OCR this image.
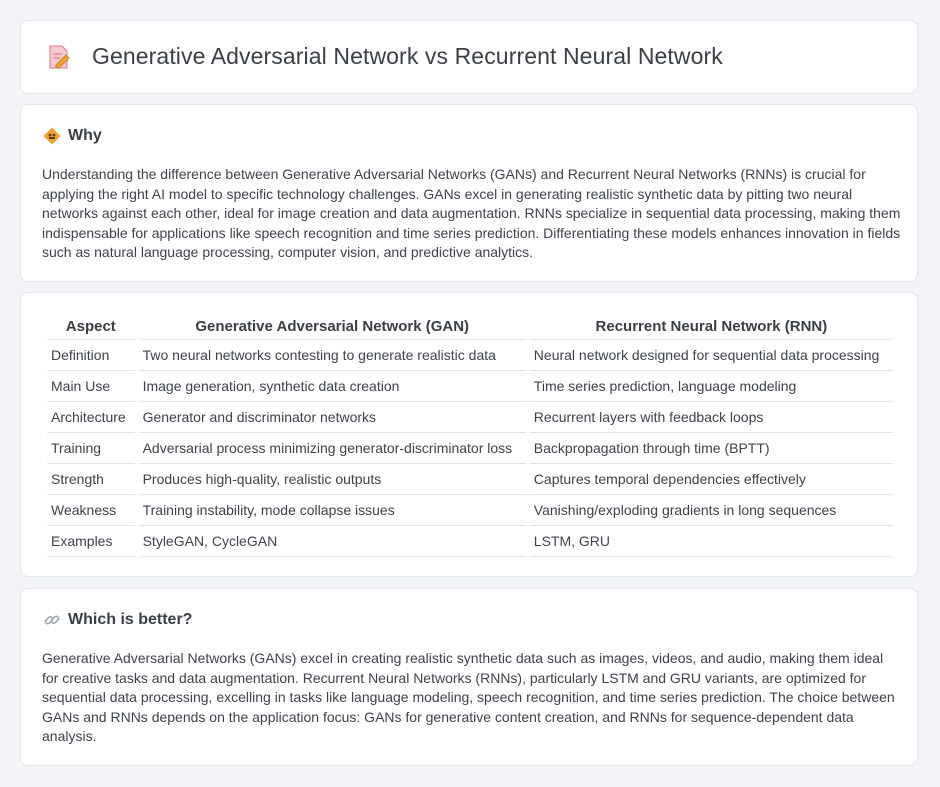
Generative Adversarial Network vs Recurrent Neural Network
Why

Understanding the difference between Generative Adversarial Networks (GANs) and Recurrent Neural Networks (RNNs) is crucial for applying the right AI model to specific technology challenges. GANs excel in generating realistic synthetic data by pitting two neural networks against each other, ideal for image creation and data augmentation. RNNs specialize in sequential data processing, making them indispensable for applications like speech recognition and time series prediction. Differentiating these models enhances innovation in fields such as natural language processing, computer vision, and predictive analytics.

Aspect	Generative Adversarial Network (GAN)	Recurrent Neural Network (RNN)
Definition	Two neural networks contesting to generate realistic data	Neural network designed for sequential data processing
Main Use	Image generation, synthetic data creation	Time series prediction, language modeling
Architecture	Generator and discriminator networks	Recurrent layers with feedback loops
Training	Adversarial process minimizing generator-discriminator loss	Backpropagation through time (BPTT)
Strength	Produces high-quality, realistic outputs	Captures temporal dependencies effectively
Weakness	Training instability, mode collapse issues	Vanishing/exploding gradients in long sequences
Examples	StyleGAN, CycleGAN	LSTM, GRU
Which is better?

Generative Adversarial Networks (GANs) excel in creating realistic synthetic data such as images, videos, and audio, making them ideal for creative tasks and data augmentation. Recurrent Neural Networks (RNNs), particularly LSTM and GRU variants, are optimized for sequential data processing, excelling in tasks like language modeling, speech recognition, and time series prediction. The choice between GANs and RNNs depends on the application focus: GANs for generative content creation, and RNNs for sequence-dependent data analysis.
